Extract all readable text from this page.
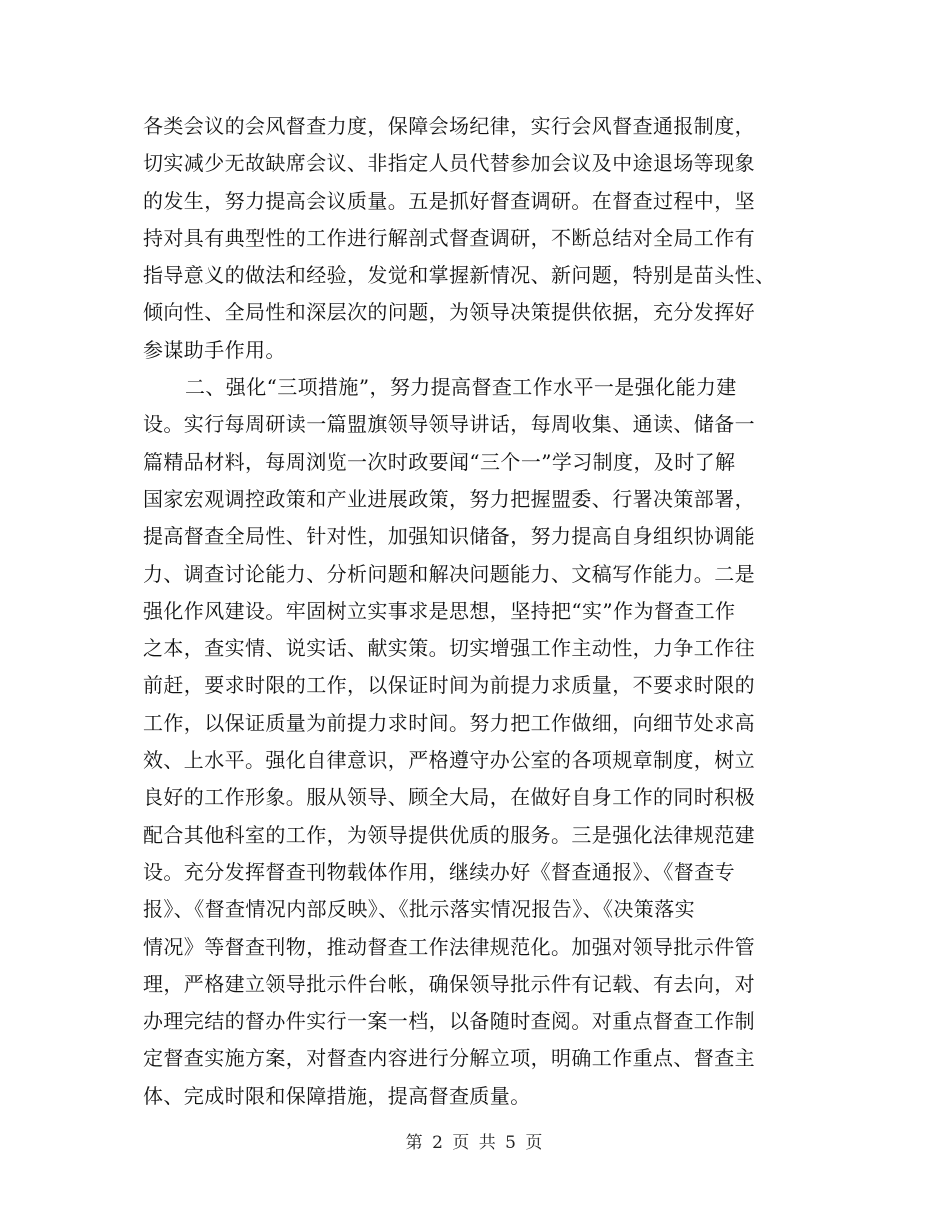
各类会议的会风督查力度，保障会场纪律，实行会风督查通报制度，
切实减少无故缺席会议、非指定人员代替参加会议及中途退场等现象
的发生，努力提高会议质量。五是抓好督查调研。在督查过程中，坚
持对具有典型性的工作进行解剖式督查调研，不断总结对全局工作有
指导意义的做法和经验，发觉和掌握新情况、新问题，特别是苗头性、
倾向性、全局性和深层次的问题，为领导决策提供依据，充分发挥好
参谋助手作用。
二、强化“三项措施”，努力提高督查工作水平一是强化能力建
设。实行每周研读一篇盟旗领导领导讲话，每周收集、通读、储备一
篇精品材料，每周浏览一次时政要闻“三个一”学习制度，及时了解
国家宏观调控政策和产业进展政策，努力把握盟委、行署决策部署，
提高督查全局性、针对性，加强知识储备，努力提高自身组织协调能
力、调查讨论能力、分析问题和解决问题能力、文稿写作能力。二是
强化作风建设。牢固树立实事求是思想，坚持把“实”作为督查工作
之本，查实情、说实话、献实策。切实增强工作主动性，力争工作往
前赶，要求时限的工作，以保证时间为前提力求质量，不要求时限的
工作，以保证质量为前提力求时间。努力把工作做细，向细节处求高
效、上水平。强化自律意识，严格遵守办公室的各项规章制度，树立
良好的工作形象。服从领导、顾全大局，在做好自身工作的同时积极
配合其他科室的工作，为领导提供优质的服务。三是强化法律规范建
设。充分发挥督查刊物载体作用，继续办好《督查通报》、《督查专
报》、《督查情况内部反映》、《批示落实情况报告》、《决策落实
情况》等督查刊物，推动督查工作法律规范化。加强对领导批示件管
理，严格建立领导批示件台帐，确保领导批示件有记载、有去向，对
办理完结的督办件实行一案一档，以备随时查阅。对重点督查工作制
定督查实施方案，对督查内容进行分解立项，明确工作重点、督查主
体、完成时限和保障措施，提高督查质量。
第 2 页 共 5 页
